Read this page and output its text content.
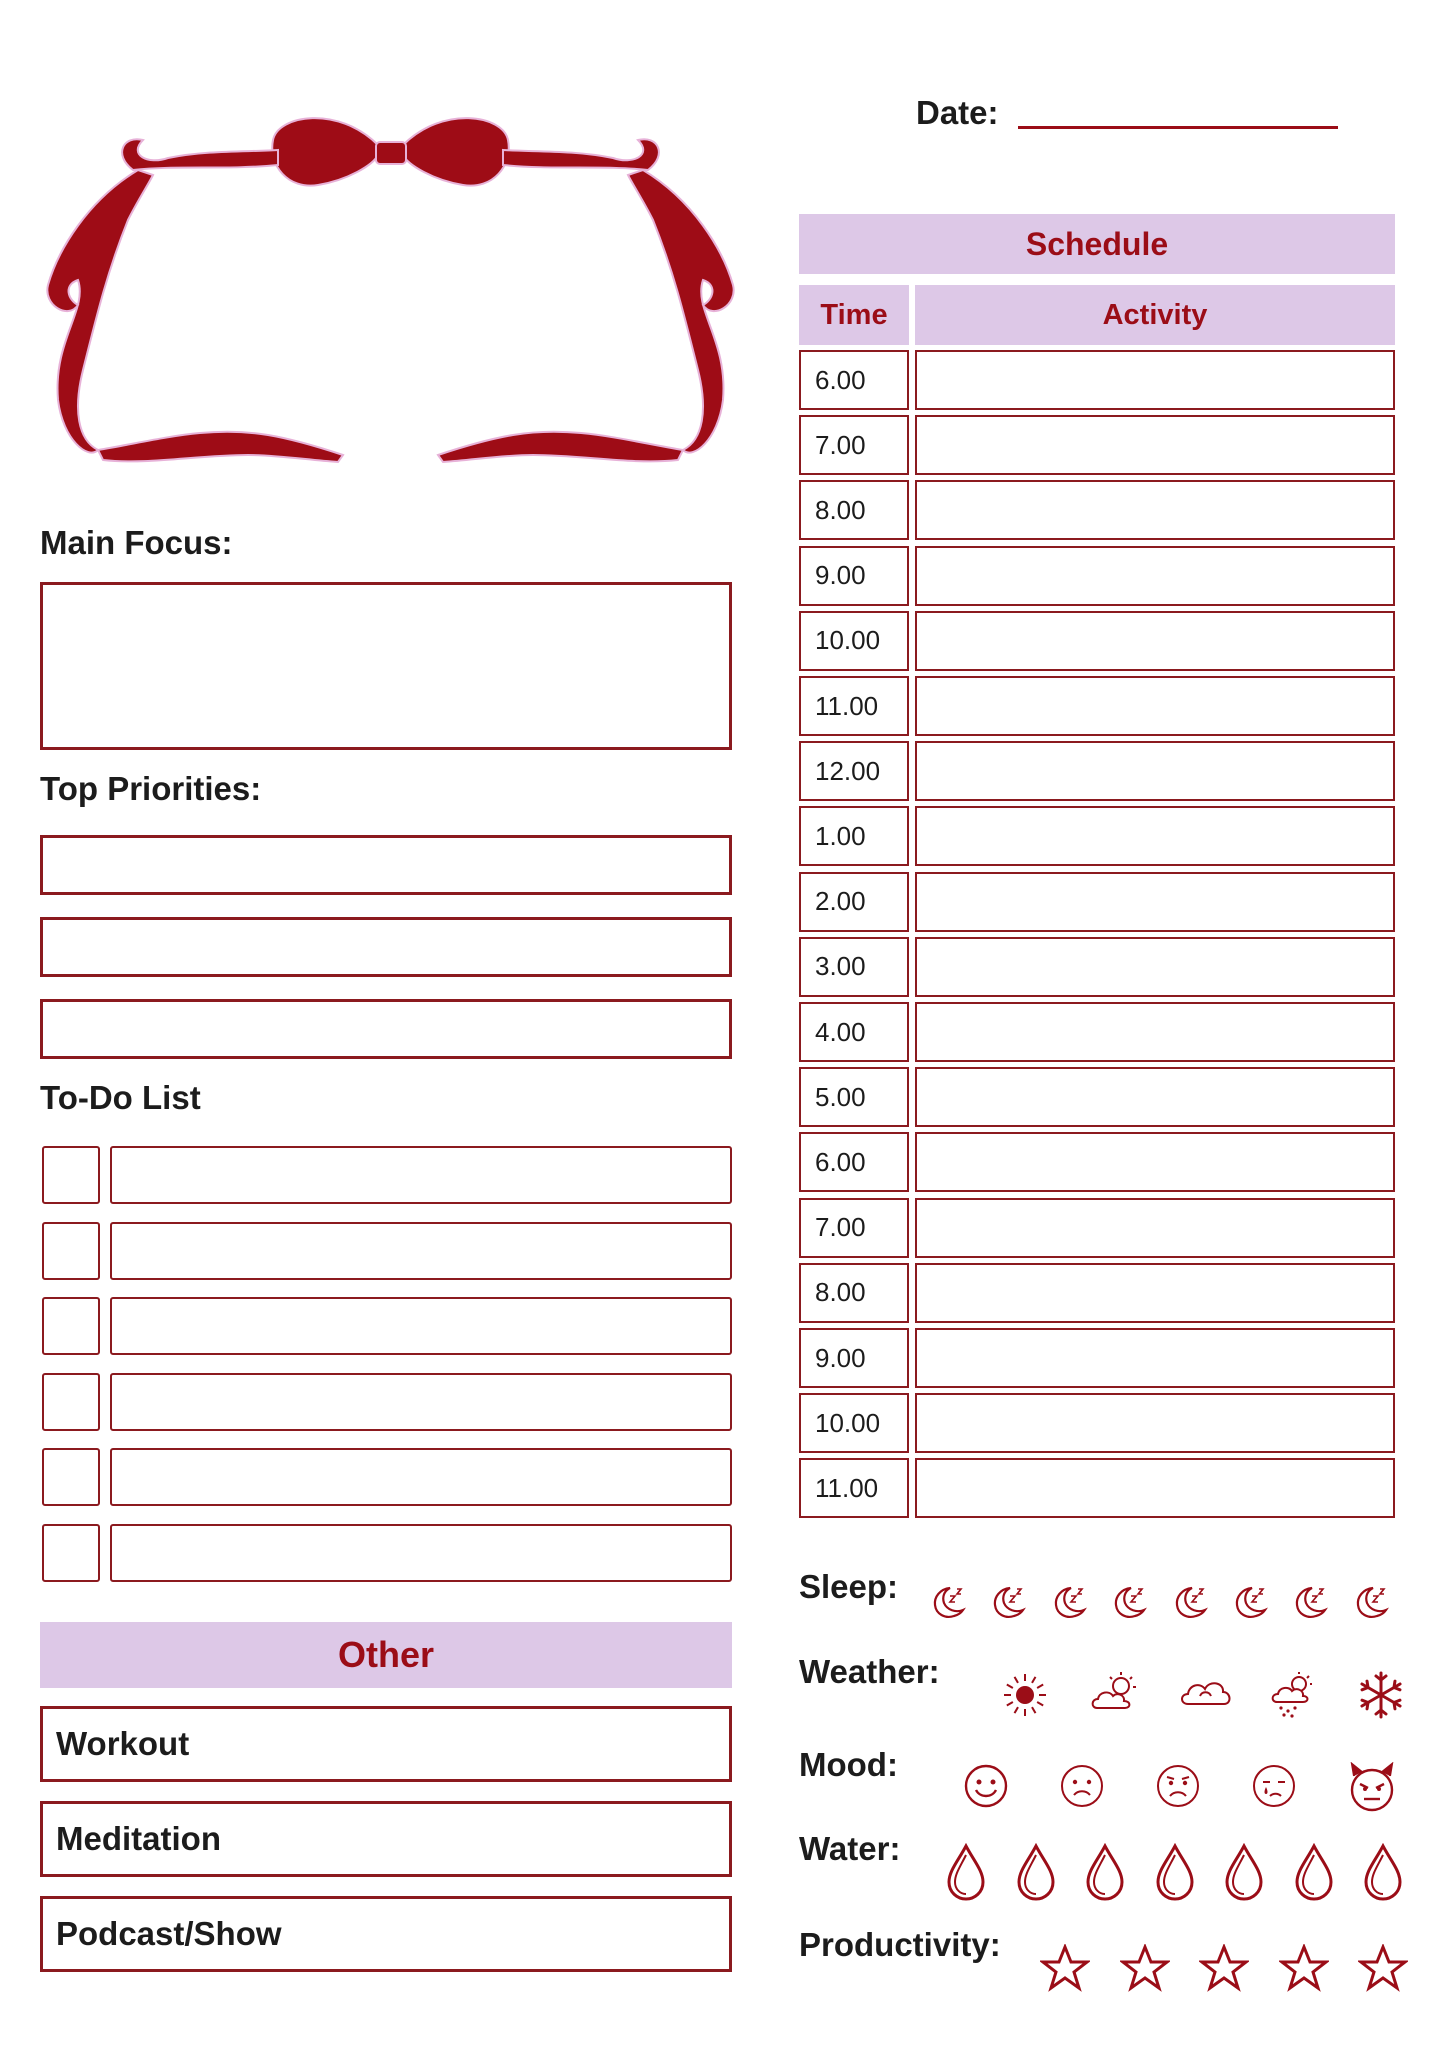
Date:
Main Focus:
Top Priorities:
To-Do List
Other
Workout
Meditation
Podcast/Show
Schedule
Time	Activity
6.00
7.00
8.00
9.00
10.00
11.00
12.00
1.00
2.00
3.00
4.00
5.00
6.00
7.00
8.00
9.00
10.00
11.00
Sleep:
Weather:
Mood:
Water:
Productivity:
